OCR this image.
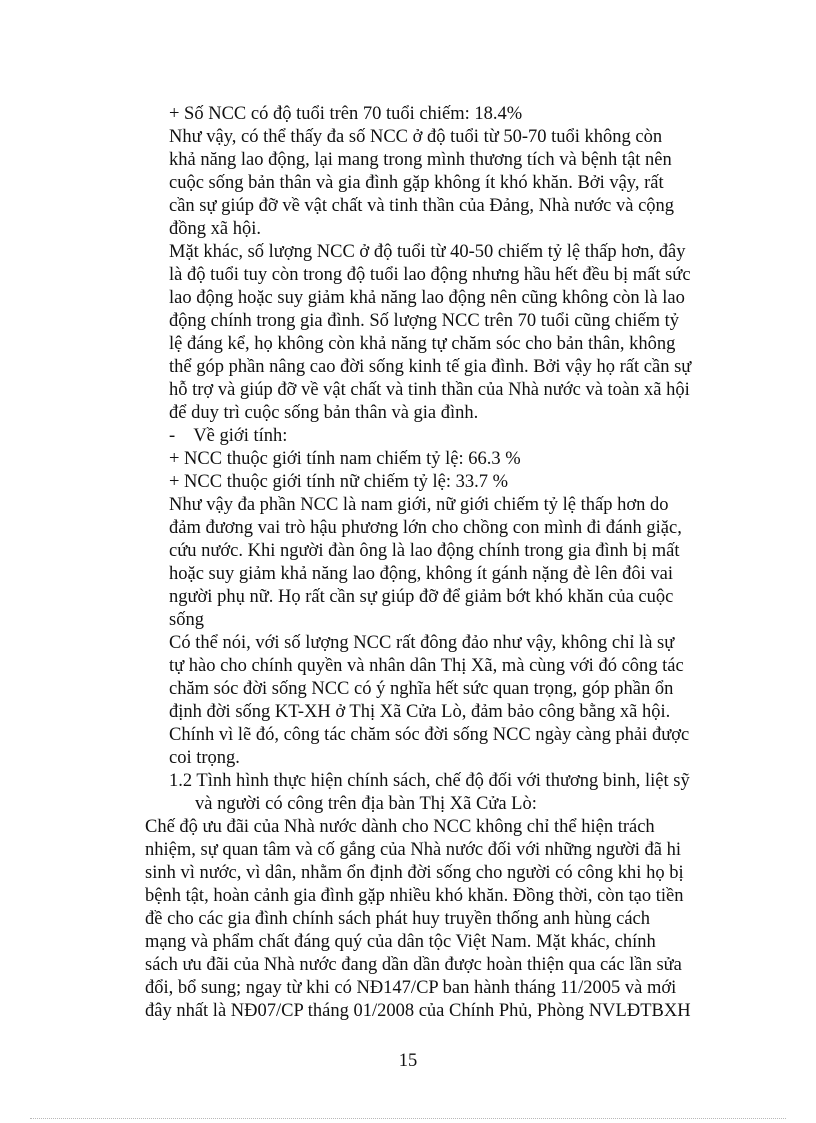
+ Số NCC có độ tuổi trên 70 tuổi chiếm: 18.4%
Như vậy, có thể thấy đa số NCC ở độ tuổi từ 50-70 tuổi không còn
khả năng lao động, lại mang trong mình thương tích và bệnh tật nên
cuộc sống bản thân và gia đình gặp không ít khó khăn. Bởi vậy, rất
cần sự giúp đỡ về vật chất và tinh thần của Đảng, Nhà nước và cộng
đồng xã hội.
Mặt khác, số lượng NCC ở độ tuổi từ 40-50 chiếm tỷ lệ thấp hơn, đây
là độ tuổi tuy còn trong độ tuổi lao động nhưng hầu hết đều bị mất sức
lao động hoặc suy giảm khả năng lao động nên cũng không còn là lao
động chính trong gia đình. Số lượng NCC trên 70 tuổi cũng chiếm tỷ
lệ đáng kể, họ không còn khả năng tự chăm sóc cho bản thân, không
thể góp phần nâng cao đời sống kinh tế gia đình. Bởi vậy họ rất cần sự
hỗ trợ và giúp đỡ về vật chất và tinh thần của Nhà nước và toàn xã hội
để duy trì cuộc sống bản thân và gia đình.
-    Về giới tính:
+ NCC thuộc giới tính nam chiếm tỷ lệ: 66.3 %
+ NCC thuộc giới tính nữ chiếm tỷ lệ: 33.7 %
Như vậy đa phần NCC là nam giới, nữ giới chiếm tỷ lệ thấp hơn do
đảm đương vai trò hậu phương lớn cho chồng con mình đi đánh giặc,
cứu nước. Khi người đàn ông là lao động chính trong gia đình bị mất
hoặc suy giảm khả năng lao động, không ít gánh nặng đè lên đôi vai
người phụ nữ. Họ rất cần sự giúp đỡ để giảm bớt khó khăn của cuộc
sống
Có thể nói, với số lượng NCC rất đông đảo như vậy, không chỉ là sự
tự hào cho chính quyền và nhân dân Thị Xã, mà cùng với đó công tác
chăm sóc đời sống NCC có ý nghĩa hết sức quan trọng, góp phần ổn
định đời sống KT-XH ở Thị Xã Cửa Lò, đảm bảo công bằng xã hội.
Chính vì lẽ đó, công tác chăm sóc đời sống NCC ngày càng phải được
coi trọng.
1.2 Tình hình thực hiện chính sách, chế độ đối với thương binh, liệt sỹ
và người có công trên địa bàn Thị Xã Cửa Lò:
Chế độ ưu đãi của Nhà nước dành cho NCC không chỉ thể hiện trách
nhiệm, sự quan tâm và cố gắng của Nhà nước đối với những người đã hi
sinh vì nước, vì dân, nhằm ổn định đời sống cho người có công khi họ bị
bệnh tật, hoàn cảnh gia đình gặp nhiều khó khăn. Đồng thời, còn tạo tiền
đề cho các gia đình chính sách phát huy truyền thống anh hùng cách
mạng và phẩm chất đáng quý của dân tộc Việt Nam. Mặt khác, chính
sách ưu đãi của Nhà nước đang dần dần được hoàn thiện qua các lần sửa
đổi, bổ sung; ngay từ khi có NĐ147/CP ban hành tháng 11/2005 và mới
đây nhất là NĐ07/CP tháng 01/2008 của Chính Phủ, Phòng NVLĐTBXH
15
